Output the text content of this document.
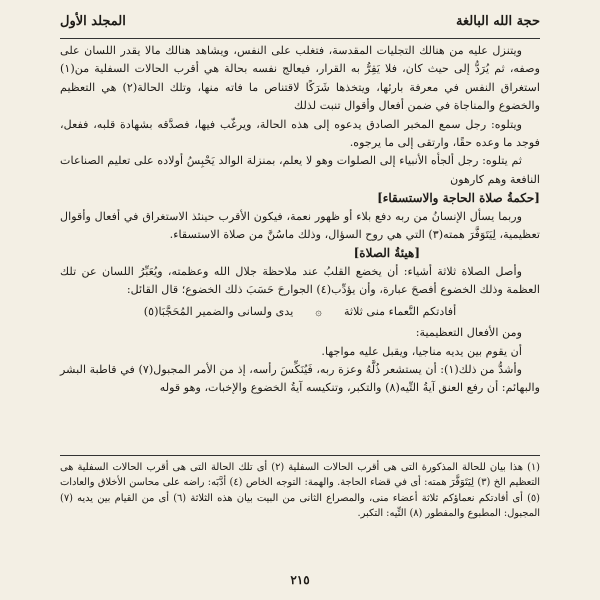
حجة الله البالغة
المجلد الأول

ويتنزل عليه من هنالك التجليات المقدسة، فتغلب على النفس، ويشاهد هنالك مالا يقدر اللسان على وصفه، ثم يُرَدُّ إلى حيث كان، فلا يَقِرُّ به القرار، فيعالج نفسه بحالة هي أقرب الحالات السفلية من(١) استغراق النفس في معرفة بارئها، ويتخذها شَرَكًا لاقتناص ما فاته منها، وتلك الحالة(٢) هي التعظيم والخضوع والمناجاة في ضمن أفعال وأقوال تنبت لذلك

ويتلوه: رجل سمع المخبر الصادق يدعوه إلى هذه الحالة، ويرغّب فيها، فصدَّقه بشهادة قلبه، ففعل، فوجد ما وعده حقًا، وارتقى إلى ما يرجوه.

ثم يتلوه: رجل ألجأه الأنبياء إلى الصلوات وهو لا يعلم، بمنزلة الوالد يَحْبِسُ أولاده على تعليم الصناعات النافعة وهم كارهون

[حكمةُ صلاة الحاجة والاستسقاء]

وربما يسأل الإنسانُ من ربه دفع بلاء أو ظهور نعمة، فيكون الأقرب حينئذ الاستغراق في أفعال وأقوال تعظيمية، لِيَتَوَفَّرَ همته(٣) التي هي روح السؤال، وذلك ماسُنَّ من صلاة الاستسقاء.

[هيئةُ الصلاة]

وأصل الصلاة ثلاثة أشياء: أن يخضع القلبُ عند ملاحظة جلال الله وعظمته، ويُعَبِّرُ اللسان عن تلك العظمة وذلك الخضوع أفصحَ عبارة، وأن يؤدِّب(٤) الجوارحَ حَسَبَ ذلك الخضوع؛ قال القائل:

أفادتكم النَّعماء منى ثلاثة
۞
يدى ولسانى والضمير المُحَجَّبَا(٥)

ومن الأفعال التعظيمية:

أن يقوم بين يديه مناجيا، ويقبل عليه مواجها.

وأشدُّ من ذلك(١): أن يستشعر ذُلَّهُ وعزة ربه، فَيُنَكِّسَ رأسه، إذ من الأمر المجبول(٧) في قاطبة البشر والبهائم: أن رفع العنق آيةُ التِّيه(٨) والتكبر، وتنكيسه آيةُ الخضوع والإخبات، وهو قوله

(١) هذا بيان للحالة المذكورة التى هى أقرب الحالات السفلية (٢) أى تلك الحالة التى هى أقرب الحالات السفلية هى التعظيم الخ (٣) لِيَتَوَفَّرَ همته: أى في قضاء الحاجة. والهمة: التوجه الخاص (٤) أدَّبَه: راضه على محاسن الأخلاق والعادات (٥) أى أفادتكم نعماؤكم ثلاثة أعضاء منى، والمصراع الثانى من البيت بيان هذه الثلاثة (٦) أى من القيام بين يديه (٧) المجبول: المطبوع والمفطور (٨) التِّيه: التكبر.

٢١٥
